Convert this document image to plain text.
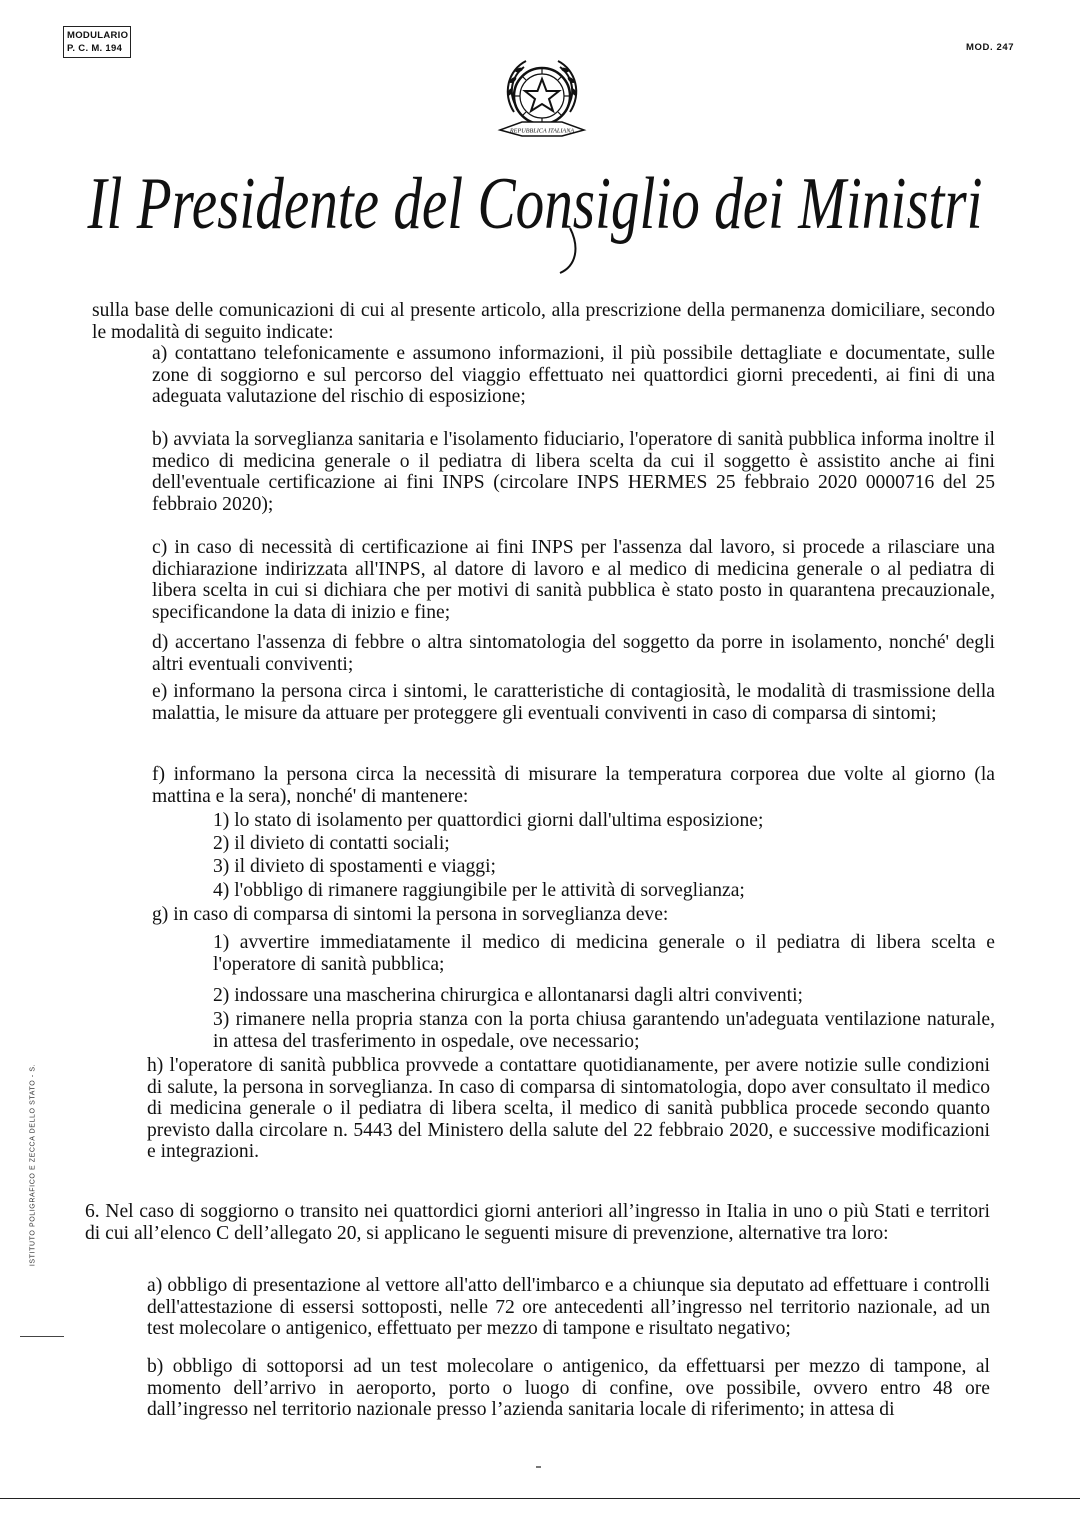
MODULARIO
P. C. M. 194	MOD. 247
REPUBBLICA ITALIANA
Il Presidente del Consiglio dei Ministri
ISTITUTO POLIGRAFICO E ZECCA DELLO STATO - S.
sulla base delle comunicazioni di cui al presente articolo, alla prescrizione della permanenza domiciliare, secondo le modalità di seguito indicate:
a) contattano telefonicamente e assumono informazioni, il più possibile dettagliate e documentate, sulle zone di soggiorno e sul percorso del viaggio effettuato nei quattordici giorni precedenti, ai fini di una adeguata valutazione del rischio di esposizione;
b) avviata la sorveglianza sanitaria e l'isolamento fiduciario, l'operatore di sanità pubblica informa inoltre il medico di medicina generale o il pediatra di libera scelta da cui il soggetto è assistito anche ai fini dell'eventuale certificazione ai fini INPS (circolare INPS HERMES 25 febbraio 2020 0000716 del 25 febbraio 2020);
c) in caso di necessità di certificazione ai fini INPS per l'assenza dal lavoro, si procede a rilasciare una dichiarazione indirizzata all'INPS, al datore di lavoro e al medico di medicina generale o al pediatra di libera scelta in cui si dichiara che per motivi di sanità pubblica è stato posto in quarantena precauzionale, specificandone la data di inizio e fine;
d) accertano l'assenza di febbre o altra sintomatologia del soggetto da porre in isolamento, nonché' degli altri eventuali conviventi;
e) informano la persona circa i sintomi, le caratteristiche di contagiosità, le modalità di trasmissione della malattia, le misure da attuare per proteggere gli eventuali conviventi in caso di comparsa di sintomi;
f) informano la persona circa la necessità di misurare la temperatura corporea due volte al giorno (la mattina e la sera), nonché' di mantenere:
1) lo stato di isolamento per quattordici giorni dall'ultima esposizione;
2) il divieto di contatti sociali;
3) il divieto di spostamenti e viaggi;
4) l'obbligo di rimanere raggiungibile per le attività di sorveglianza;
g) in caso di comparsa di sintomi la persona in sorveglianza deve:
1) avvertire immediatamente il medico di medicina generale o il pediatra di libera scelta e l'operatore di sanità pubblica;
2) indossare una mascherina chirurgica e allontanarsi dagli altri conviventi;
3) rimanere nella propria stanza con la porta chiusa garantendo un'adeguata ventilazione naturale, in attesa del trasferimento in ospedale, ove necessario;
h) l'operatore di sanità pubblica provvede a contattare quotidianamente, per avere notizie sulle condizioni di salute, la persona in sorveglianza. In caso di comparsa di sintomatologia, dopo aver consultato il medico di medicina generale o il pediatra di libera scelta, il medico di sanità pubblica procede secondo quanto previsto dalla circolare n. 5443 del Ministero della salute del 22 febbraio 2020, e successive modificazioni e integrazioni.
6. Nel caso di soggiorno o transito nei quattordici giorni anteriori all’ingresso in Italia in uno o più Stati e territori di cui all’elenco C dell’allegato 20, si applicano le seguenti misure di prevenzione, alternative tra loro:
a) obbligo di presentazione al vettore all'atto dell'imbarco e a chiunque sia deputato ad effettuare i controlli dell'attestazione di essersi sottoposti, nelle 72 ore antecedenti all’ingresso nel territorio nazionale, ad un test molecolare o antigenico, effettuato per mezzo di tampone e risultato negativo;
b) obbligo di sottoporsi ad un test molecolare o antigenico, da effettuarsi per mezzo di tampone, al momento dell’arrivo in aeroporto, porto o luogo di confine, ove possibile, ovvero entro 48 ore dall’ingresso nel territorio nazionale presso l’azienda sanitaria locale di riferimento; in attesa di
